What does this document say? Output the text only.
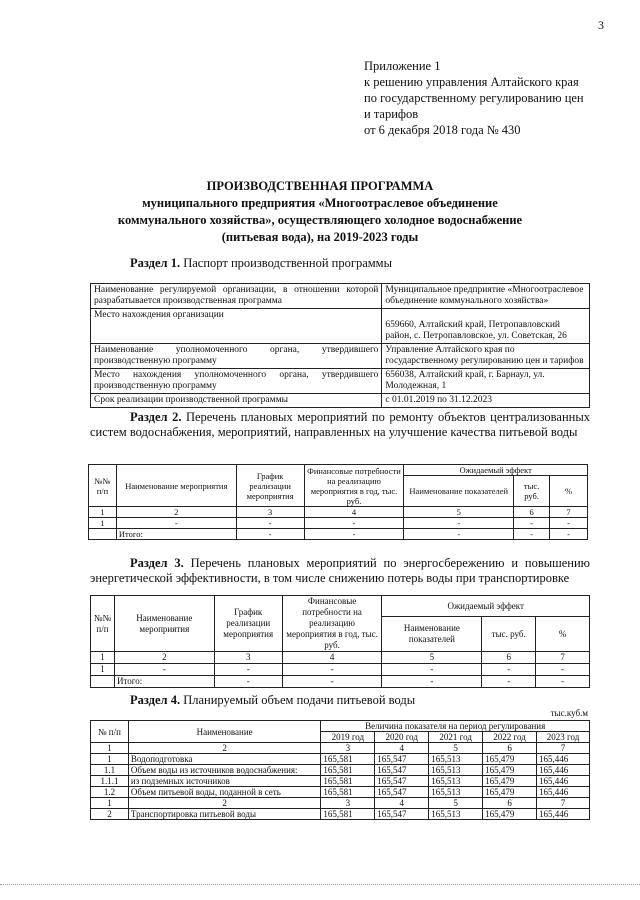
3
Приложение 1
к решению управления Алтайского края
по государственному регулированию цен
и тарифов
от 6 декабря 2018 года № 430
ПРОИЗВОДСТВЕННАЯ ПРОГРАММА
муниципального предприятия «Многоотраслевое объединение
коммунального хозяйства», осуществляющего холодное водоснабжение
(питьевая вода), на 2019-2023 годы
Раздел 1. Паспорт производственной программы
Наименование регулируемой организации, в отношении которой разрабатывается производственная программа	Муниципальное предприятие «Многоотраслевое объединение коммунального хозяйства»
Место нахождения организации	659660, Алтайский край, Петропавловский район, с. Петропавловское, ул. Советская, 26
Наименование уполномоченного органа, утвердившего производственную программу	Управление Алтайского края по государственному регулированию цен и тарифов
Место нахождения уполномоченного органа, утвердившего производственную программу	656038, Алтайский край, г. Барнаул, ул. Молодежная, 1
Срок реализации производственной программы	с 01.01.2019 по 31.12.2023
Раздел 2. Перечень плановых мероприятий по ремонту объектов централизованных систем водоснабжения, мероприятий, направленных на улучшение качества питьевой воды
№№ п/п	Наименование мероприятия	График реализации мероприятия	Финансовые потребности на реализацию мероприятия в год, тыс. руб.	Ожидаемый эффект		
				Наименование показателей	тыс. руб.	%
1	2	3	4	5	6	7
1	-	-	-	-	-	-
	Итого:	-	-	-	-	-
Раздел 3. Перечень плановых мероприятий по энергосбережению и повышению энергетической эффективности, в том числе снижению потерь воды при транспортировке
№№ п/п	Наименование мероприятия	График реализации мероприятия	Финансовые потребности на реализацию мероприятия в год, тыс. руб.	Ожидаемый эффект		
				Наименование показателей	тыс. руб.	%
1	2	3	4	5	6	7
1	-	-	-	-	-	-
	Итого:	-	-	-	-	-
Раздел 4. Планируемый объем подачи питьевой воды
тыс.куб.м
№ п/п	Наименование	Величина показателя на период регулирования				
		2019 год	2020 год	2021 год	2022 год	2023 год
1	2	3	4	5	6	7
1	Водоподготовка	165,581	165,547	165,513	165,479	165,446
1.1	Объем воды из источников водоснабжения:	165,581	165,547	165,513	165,479	165,446
1.1.1	из подземных источников	165,581	165,547	165,513	165,479	165,446
1.2	Объем питьевой воды, поданной в сеть	165,581	165,547	165,513	165,479	165,446
1	2	3	4	5	6	7
2	Транспортировка питьевой воды	165,581	165,547	165,513	165,479	165,446
